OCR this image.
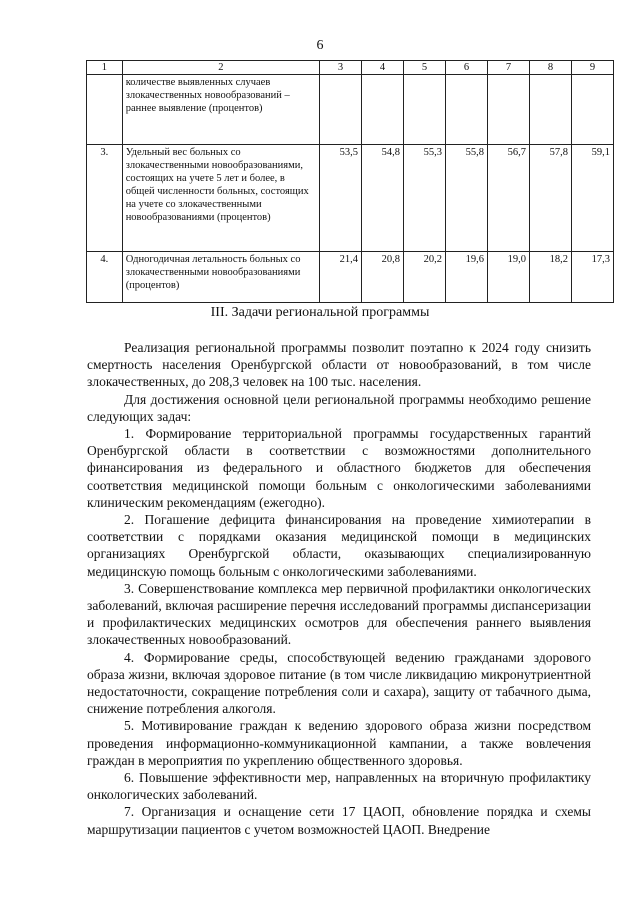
6
1	2	3	4	5	6	7	8	9
	количестве выявленных случаев злокачественных новообразований – раннее выявление (процентов)							
3.	Удельный вес больных со злокачественными новообразованиями, состоящих на учете 5 лет и более, в общей численности больных, состоящих на учете со злокачественными новообразованиями (процентов)	53,5	54,8	55,3	55,8	56,7	57,8	59,1
4.	Одногодичная летальность больных со злокачественными новообразованиями (процентов)	21,4	20,8	20,2	19,6	19,0	18,2	17,3
III. Задачи региональной программы

Реализация региональной программы позволит поэтапно к 2024 году снизить смертность населения Оренбургской области от новообразований, в том числе злокачественных, до 208,3 человек на 100 тыс. населения.

Для достижения основной цели региональной программы необходимо решение следующих задач:

1. Формирование территориальной программы государственных гарантий Оренбургской области в соответствии с возможностями дополнительного финансирования из федерального и областного бюджетов для обеспечения соответствия медицинской помощи больным с онкологическими заболеваниями клиническим рекомендациям (ежегодно).

2. Погашение дефицита финансирования на проведение химиотерапии в соответствии с порядками оказания медицинской помощи в медицинских организациях Оренбургской области, оказывающих специализированную медицинскую помощь больным с онкологическими заболеваниями.

3. Совершенствование комплекса мер первичной профилактики онкологических заболеваний, включая расширение перечня исследований программы диспансеризации и профилактических медицинских осмотров для обеспечения раннего выявления злокачественных новообразований.

4. Формирование среды, способствующей ведению гражданами здорового образа жизни, включая здоровое питание (в том числе ликвидацию микронутриентной недостаточности, сокращение потребления соли и сахара), защиту от табачного дыма, снижение потребления алкоголя.

5. Мотивирование граждан к ведению здорового образа жизни посредством проведения информационно-коммуникационной кампании, а также вовлечения граждан в мероприятия по укреплению общественного здоровья.

6. Повышение эффективности мер, направленных на вторичную профилактику онкологических заболеваний.

7. Организация и оснащение сети 17 ЦАОП, обновление порядка и схемы маршрутизации пациентов с учетом возможностей ЦАОП. Внедрение
